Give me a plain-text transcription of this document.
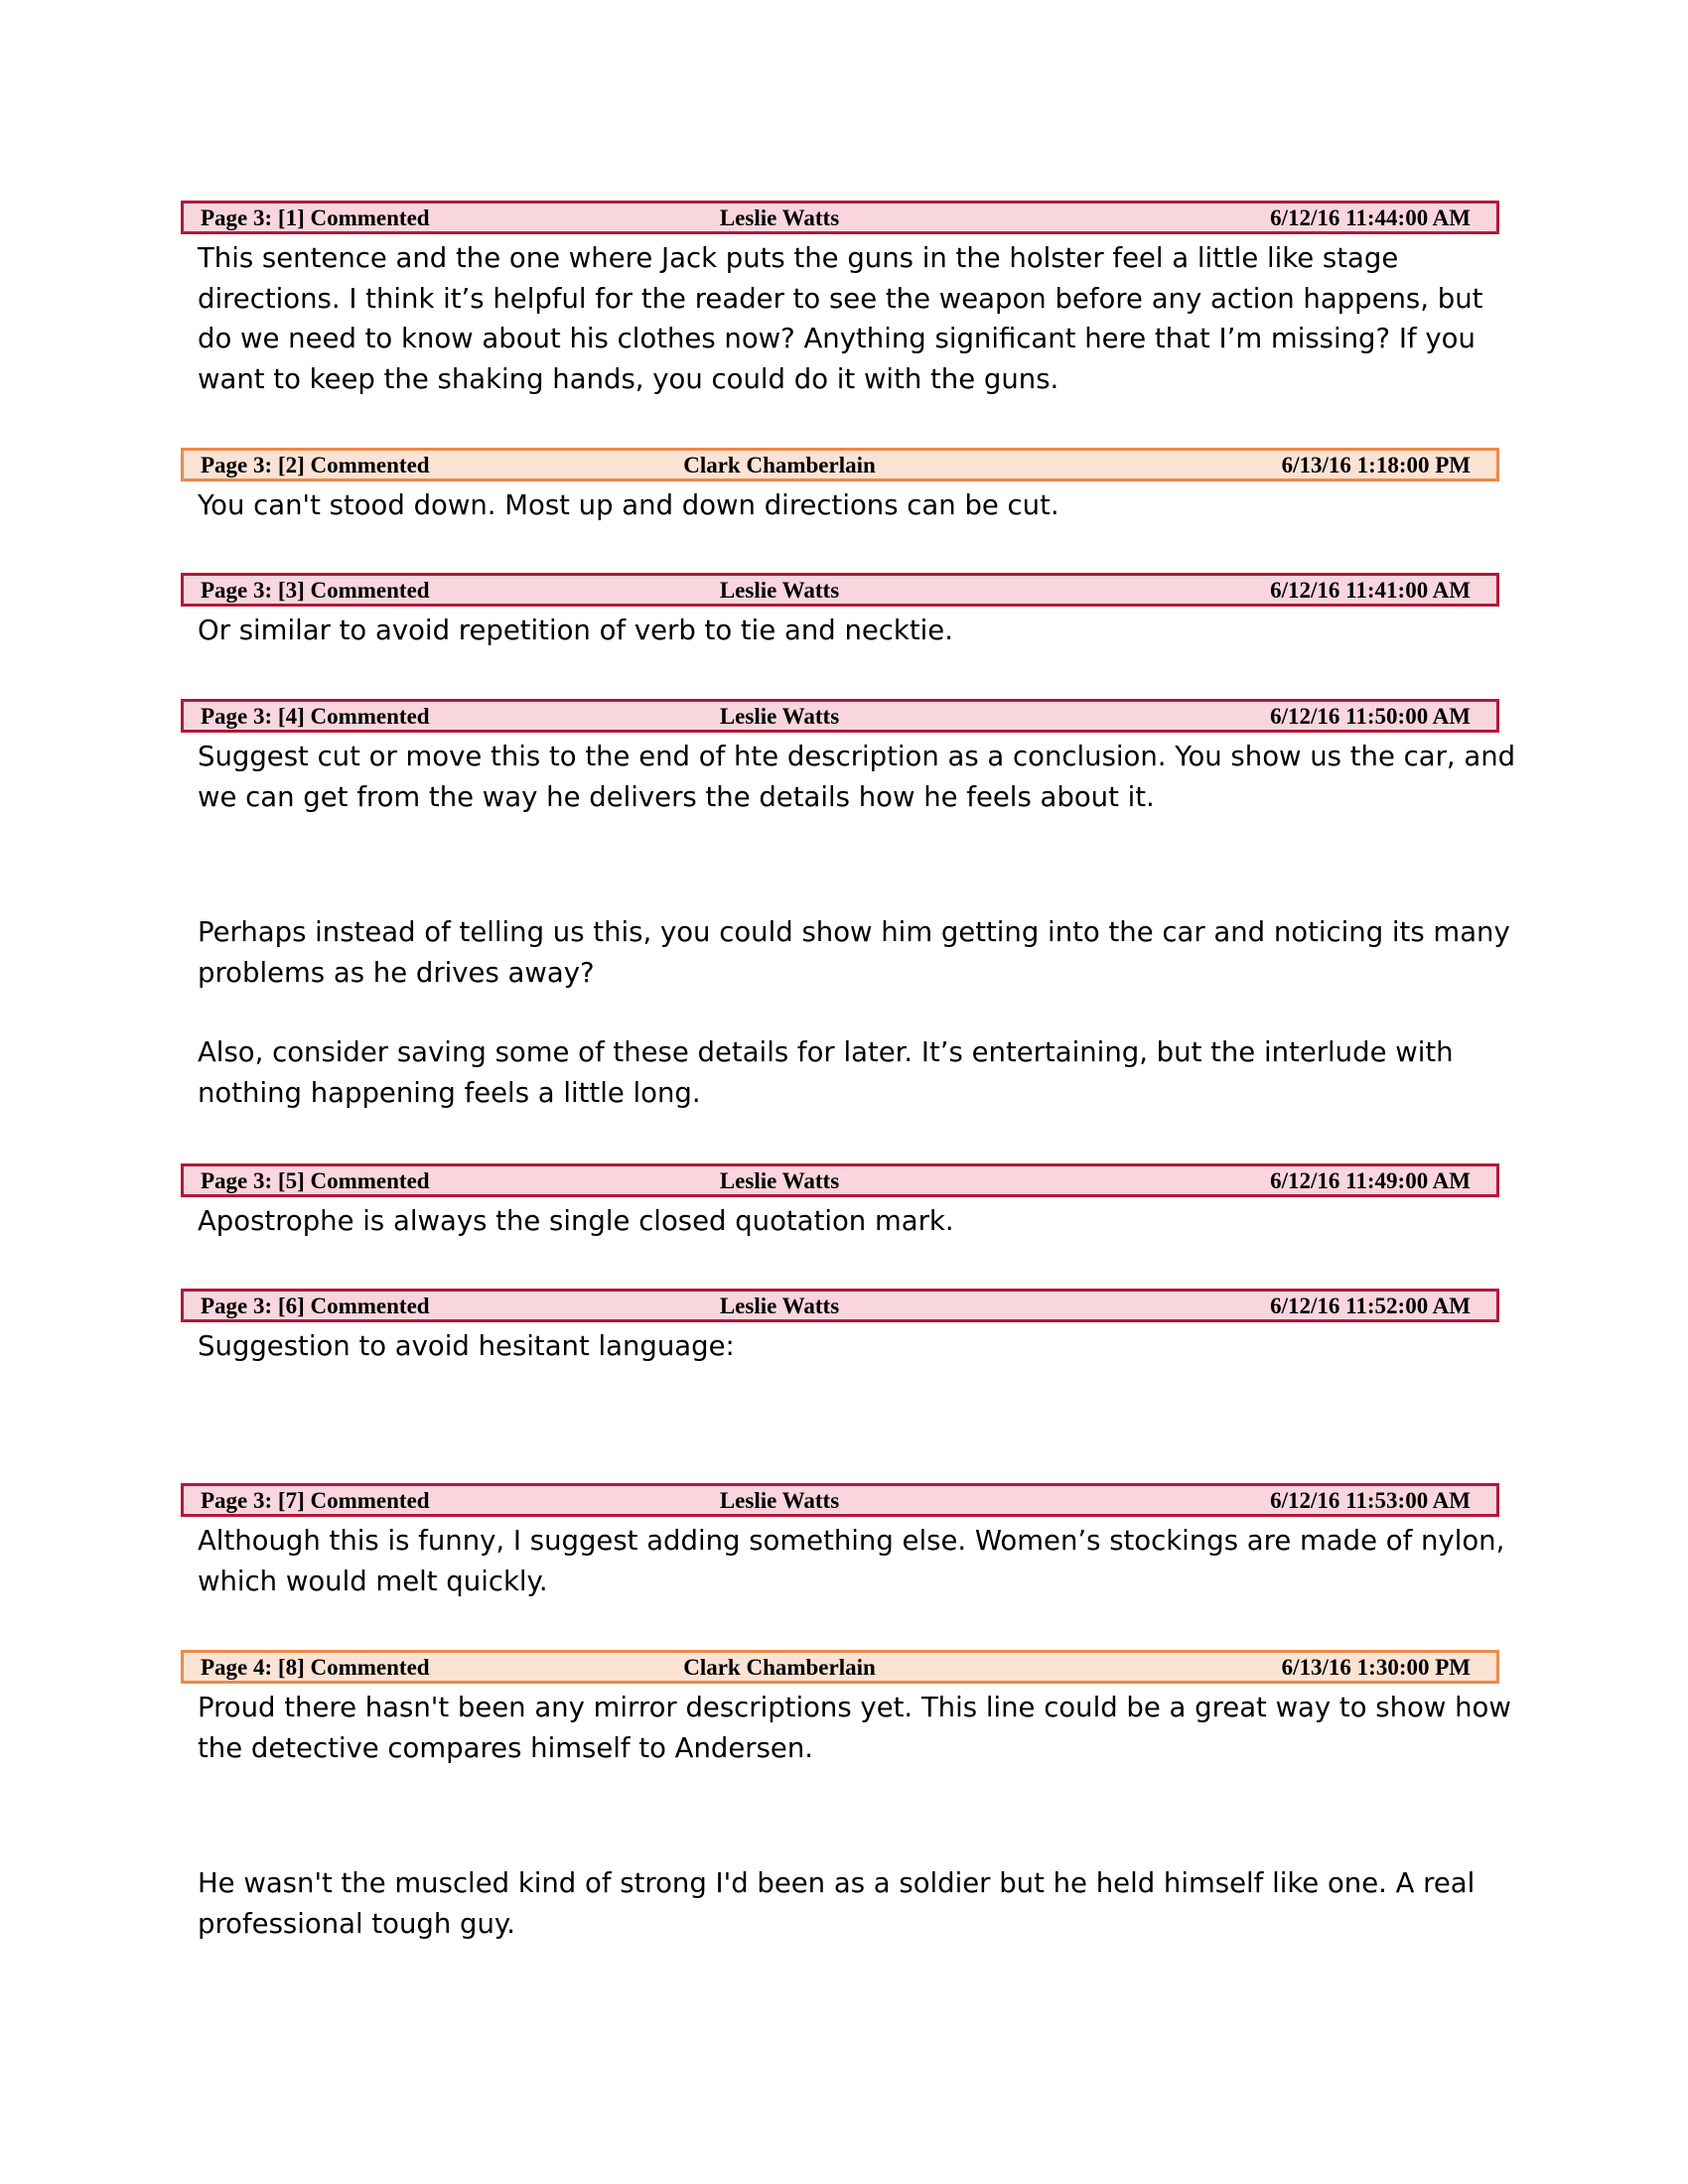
Page 3: [1] Commented	Leslie Watts	6/12/16 11:44:00 AM

This sentence and the one where Jack puts the guns in the holster feel a little like stage

directions. I think it’s helpful for the reader to see the weapon before any action happens, but

do we need to know about his clothes now? Anything significant here that I’m missing? If you

want to keep the shaking hands, you could do it with the guns.

Page 3: [2] Commented	Clark Chamberlain	6/13/16 1:18:00 PM

You can't stood down. Most up and down directions can be cut.

Page 3: [3] Commented	Leslie Watts	6/12/16 11:41:00 AM

Or similar to avoid repetition of verb to tie and necktie.

Page 3: [4] Commented	Leslie Watts	6/12/16 11:50:00 AM

Suggest cut or move this to the end of hte description as a conclusion. You show us the car, and

we can get from the way he delivers the details how he feels about it.

Perhaps instead of telling us this, you could show him getting into the car and noticing its many

problems as he drives away?

Also, consider saving some of these details for later. It’s entertaining, but the interlude with

nothing happening feels a little long.

Page 3: [5] Commented	Leslie Watts	6/12/16 11:49:00 AM

Apostrophe is always the single closed quotation mark.

Page 3: [6] Commented	Leslie Watts	6/12/16 11:52:00 AM

Suggestion to avoid hesitant language:

Page 3: [7] Commented	Leslie Watts	6/12/16 11:53:00 AM

Although this is funny, I suggest adding something else. Women’s stockings are made of nylon,

which would melt quickly.

Page 4: [8] Commented	Clark Chamberlain	6/13/16 1:30:00 PM

Proud there hasn't been any mirror descriptions yet. This line could be a great way to show how

the detective compares himself to Andersen.

He wasn't the muscled kind of strong I'd been as a soldier but he held himself like one. A real

professional tough guy.
